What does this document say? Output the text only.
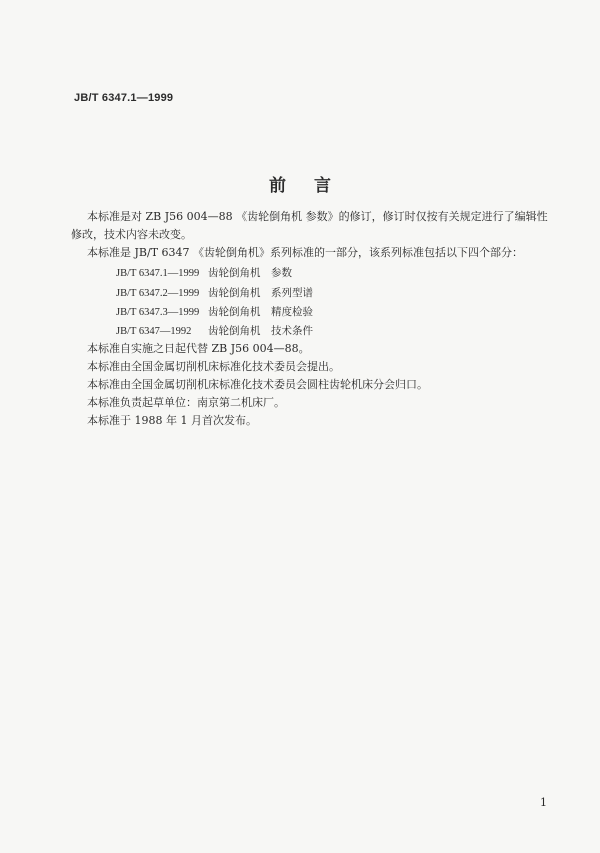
JB/T 6347.1—1999
前 言
本标准是对 ZB J56 004—88 《齿轮倒角机 参数》的修订，修订时仅按有关规定进行了编辑性
修改，技术内容未改变。
本标准是 JB/T 6347 《齿轮倒角机》系列标准的一部分，该系列标准包括以下四个部分：
JB/T 6347.1—1999 齿轮倒角机　参数
JB/T 6347.2—1999 齿轮倒角机　系列型谱
JB/T 6347.3—1999 齿轮倒角机　精度检验
JB/T 6347—1992 齿轮倒角机　技术条件
本标准自实施之日起代替 ZB J56 004—88。
本标准由全国金属切削机床标准化技术委员会提出。
本标准由全国金属切削机床标准化技术委员会圆柱齿轮机床分会归口。
本标准负责起草单位：南京第二机床厂。
本标准于 1988 年 1 月首次发布。
1
